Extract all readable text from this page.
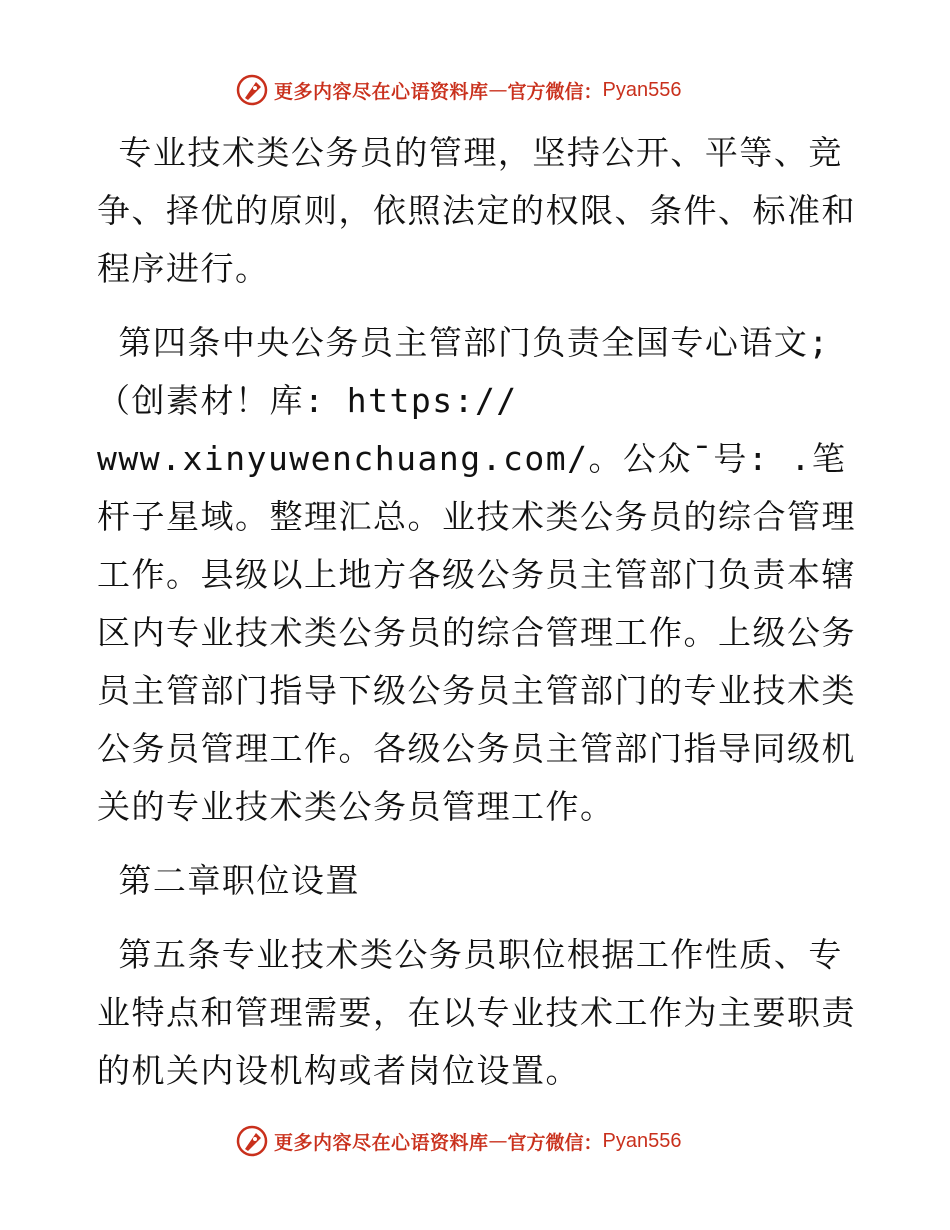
更多内容尽在心语资料库 — 官方微信： Pyan556

专业技术类公务员的管理，坚持公开、平等、竞争、择优的原则，依照法定的权限、条件、标准和程序进行。

第四条中央公务员主管部门负责全国专心语文;
（创素材！库: https://
www.xinyuwenchuang.com/。公众¯号: .笔杆子星域。整理汇总。业技术类公务员的综合管理工作。县级以上地方各级公务员主管部门负责本辖区内专业技术类公务员的综合管理工作。上级公务员主管部门指导下级公务员主管部门的专业技术类公务员管理工作。各级公务员主管部门指导同级机关的专业技术类公务员管理工作。

第二章职位设置

第五条专业技术类公务员职位根据工作性质、专业特点和管理需要，在以专业技术工作为主要职责的机关内设机构或者岗位设置。

更多内容尽在心语资料库 — 官方微信： Pyan556
